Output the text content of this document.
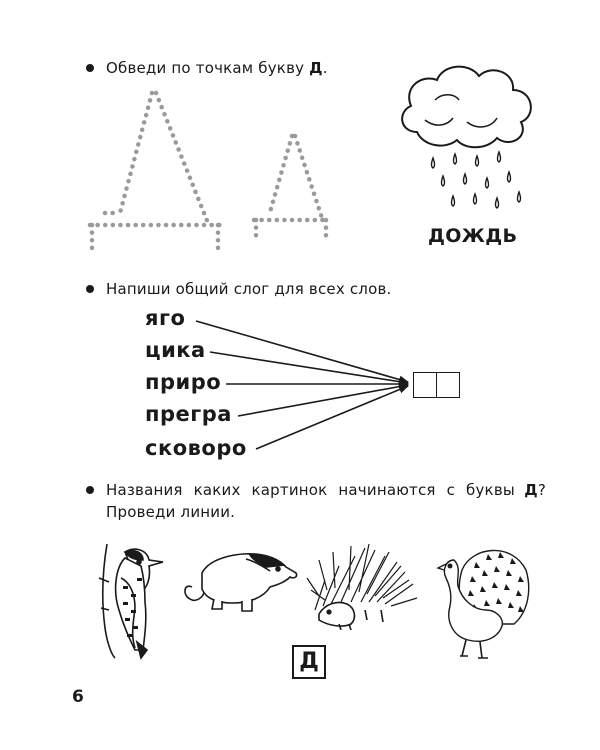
Обведи по точкам букву Д.
ДОЖДЬ
Напиши общий слог для всех слов.
яго
цика
приро
прегра
сковоро
Названия каких картинок начинаются с буквы Д?
Проведи линии.
Д
6
